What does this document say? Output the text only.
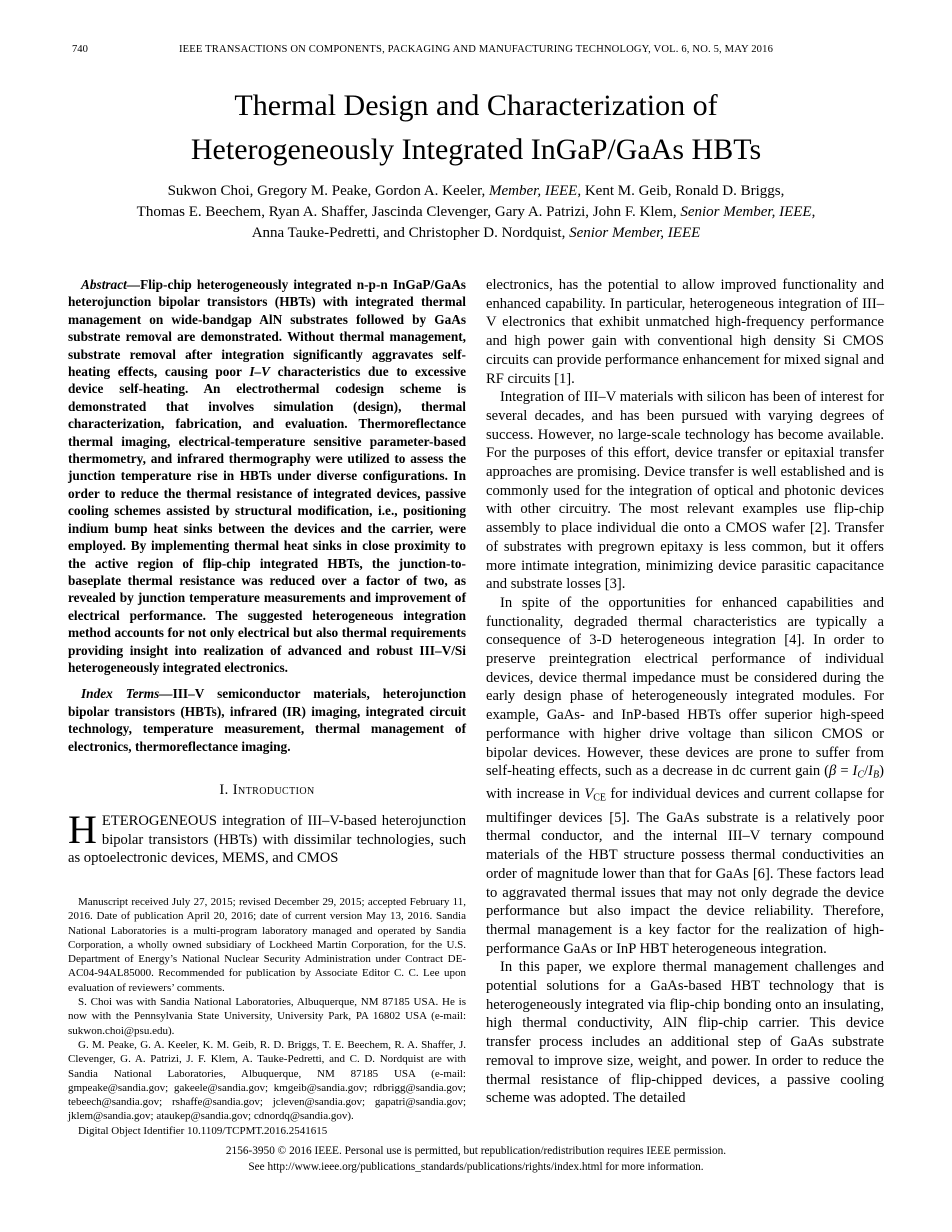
740	IEEE TRANSACTIONS ON COMPONENTS, PACKAGING AND MANUFACTURING TECHNOLOGY, VOL. 6, NO. 5, MAY 2016
Thermal Design and Characterization of
Heterogeneously Integrated InGaP/GaAs HBTs
Sukwon Choi, Gregory M. Peake, Gordon A. Keeler, Member, IEEE, Kent M. Geib, Ronald D. Briggs,
Thomas E. Beechem, Ryan A. Shaffer, Jascinda Clevenger, Gary A. Patrizi, John F. Klem, Senior Member, IEEE,
Anna Tauke-Pedretti, and Christopher D. Nordquist, Senior Member, IEEE

Abstract—Flip-chip heterogeneously integrated n-p-n InGaP/GaAs heterojunction bipolar transistors (HBTs) with integrated thermal management on wide-bandgap AlN substrates followed by GaAs substrate removal are demonstrated. Without thermal management, substrate removal after integration significantly aggravates self-heating effects, causing poor I–V characteristics due to excessive device self-heating. An electrothermal codesign scheme is demonstrated that involves simulation (design), thermal characterization, fabrication, and evaluation. Thermoreflectance thermal imaging, electrical-temperature sensitive parameter-based thermometry, and infrared thermography were utilized to assess the junction temperature rise in HBTs under diverse configurations. In order to reduce the thermal resistance of integrated devices, passive cooling schemes assisted by structural modification, i.e., positioning indium bump heat sinks between the devices and the carrier, were employed. By implementing thermal heat sinks in close proximity to the active region of flip-chip integrated HBTs, the junction-to-baseplate thermal resistance was reduced over a factor of two, as revealed by junction temperature measurements and improvement of electrical performance. The suggested heterogeneous integration method accounts for not only electrical but also thermal requirements providing insight into realization of advanced and robust III–V/Si heterogeneously integrated electronics.

Index Terms—III–V semiconductor materials, heterojunction bipolar transistors (HBTs), infrared (IR) imaging, integrated circuit technology, temperature measurement, thermal management of electronics, thermoreflectance imaging.

I. Introduction

HETEROGENEOUS integration of III–V-based heterojunction bipolar transistors (HBTs) with dissimilar technologies, such as optoelectronic devices, MEMS, and CMOS

Manuscript received July 27, 2015; revised December 29, 2015; accepted February 11, 2016. Date of publication April 20, 2016; date of current version May 13, 2016. Sandia National Laboratories is a multi-program laboratory managed and operated by Sandia Corporation, a wholly owned subsidiary of Lockheed Martin Corporation, for the U.S. Department of Energy’s National Nuclear Security Administration under Contract DE-AC04-94AL85000. Recommended for publication by Associate Editor C. C. Lee upon evaluation of reviewers’ comments.

S. Choi was with Sandia National Laboratories, Albuquerque, NM 87185 USA. He is now with the Pennsylvania State University, University Park, PA 16802 USA (e-mail: sukwon.choi@psu.edu).

G. M. Peake, G. A. Keeler, K. M. Geib, R. D. Briggs, T. E. Beechem, R. A. Shaffer, J. Clevenger, G. A. Patrizi, J. F. Klem, A. Tauke-Pedretti, and C. D. Nordquist are with Sandia National Laboratories, Albuquerque, NM 87185 USA (e-mail: gmpeake@sandia.gov; gakeele@sandia.gov; kmgeib@sandia.gov; rdbrigg@sandia.gov; tebeech@sandia.gov; rshaffe@sandia.gov; jcleven@sandia.gov; gapatri@sandia.gov; jklem@sandia.gov; ataukep@sandia.gov; cdnordq@sandia.gov).

Digital Object Identifier 10.1109/TCPMT.2016.2541615

electronics, has the potential to allow improved functionality and enhanced capability. In particular, heterogeneous integration of III–V electronics that exhibit unmatched high-frequency performance and high power gain with conventional high density Si CMOS circuits can provide performance enhancement for mixed signal and RF circuits [1].

Integration of III–V materials with silicon has been of interest for several decades, and has been pursued with varying degrees of success. However, no large-scale technology has become available. For the purposes of this effort, device transfer or epitaxial transfer approaches are promising. Device transfer is well established and is commonly used for the integration of optical and photonic devices with other circuitry. The most relevant examples use flip-chip assembly to place individual die onto a CMOS wafer [2]. Transfer of substrates with pregrown epitaxy is less common, but it offers more intimate integration, minimizing device parasitic capacitance and substrate losses [3].

In spite of the opportunities for enhanced capabilities and functionality, degraded thermal characteristics are typically a consequence of 3-D heterogeneous integration [4]. In order to preserve preintegration electrical performance of individual devices, device thermal impedance must be considered during the early design phase of heterogeneously integrated modules. For example, GaAs- and InP-based HBTs offer superior high-speed performance with higher drive voltage than silicon CMOS or bipolar devices. However, these devices are prone to suffer from self-heating effects, such as a decrease in dc current gain (β = IC/IB) with increase in VCE for individual devices and current collapse for multifinger devices [5]. The GaAs substrate is a relatively poor thermal conductor, and the internal III–V ternary compound materials of the HBT structure possess thermal conductivities an order of magnitude lower than that for GaAs [6]. These factors lead to aggravated thermal issues that may not only degrade the device performance but also impact the device reliability. Therefore, thermal management is a key factor for the realization of high-performance GaAs or InP HBT heterogeneous integration.

In this paper, we explore thermal management challenges and potential solutions for a GaAs-based HBT technology that is heterogeneously integrated via flip-chip bonding onto an insulating, high thermal conductivity, AlN flip-chip carrier. This device transfer process includes an additional step of GaAs substrate removal to improve size, weight, and power. In order to reduce the thermal resistance of flip-chipped devices, a passive cooling scheme was adopted. The detailed

2156-3950 © 2016 IEEE. Personal use is permitted, but republication/redistribution requires IEEE permission.
See http://www.ieee.org/publications_standards/publications/rights/index.html for more information.
